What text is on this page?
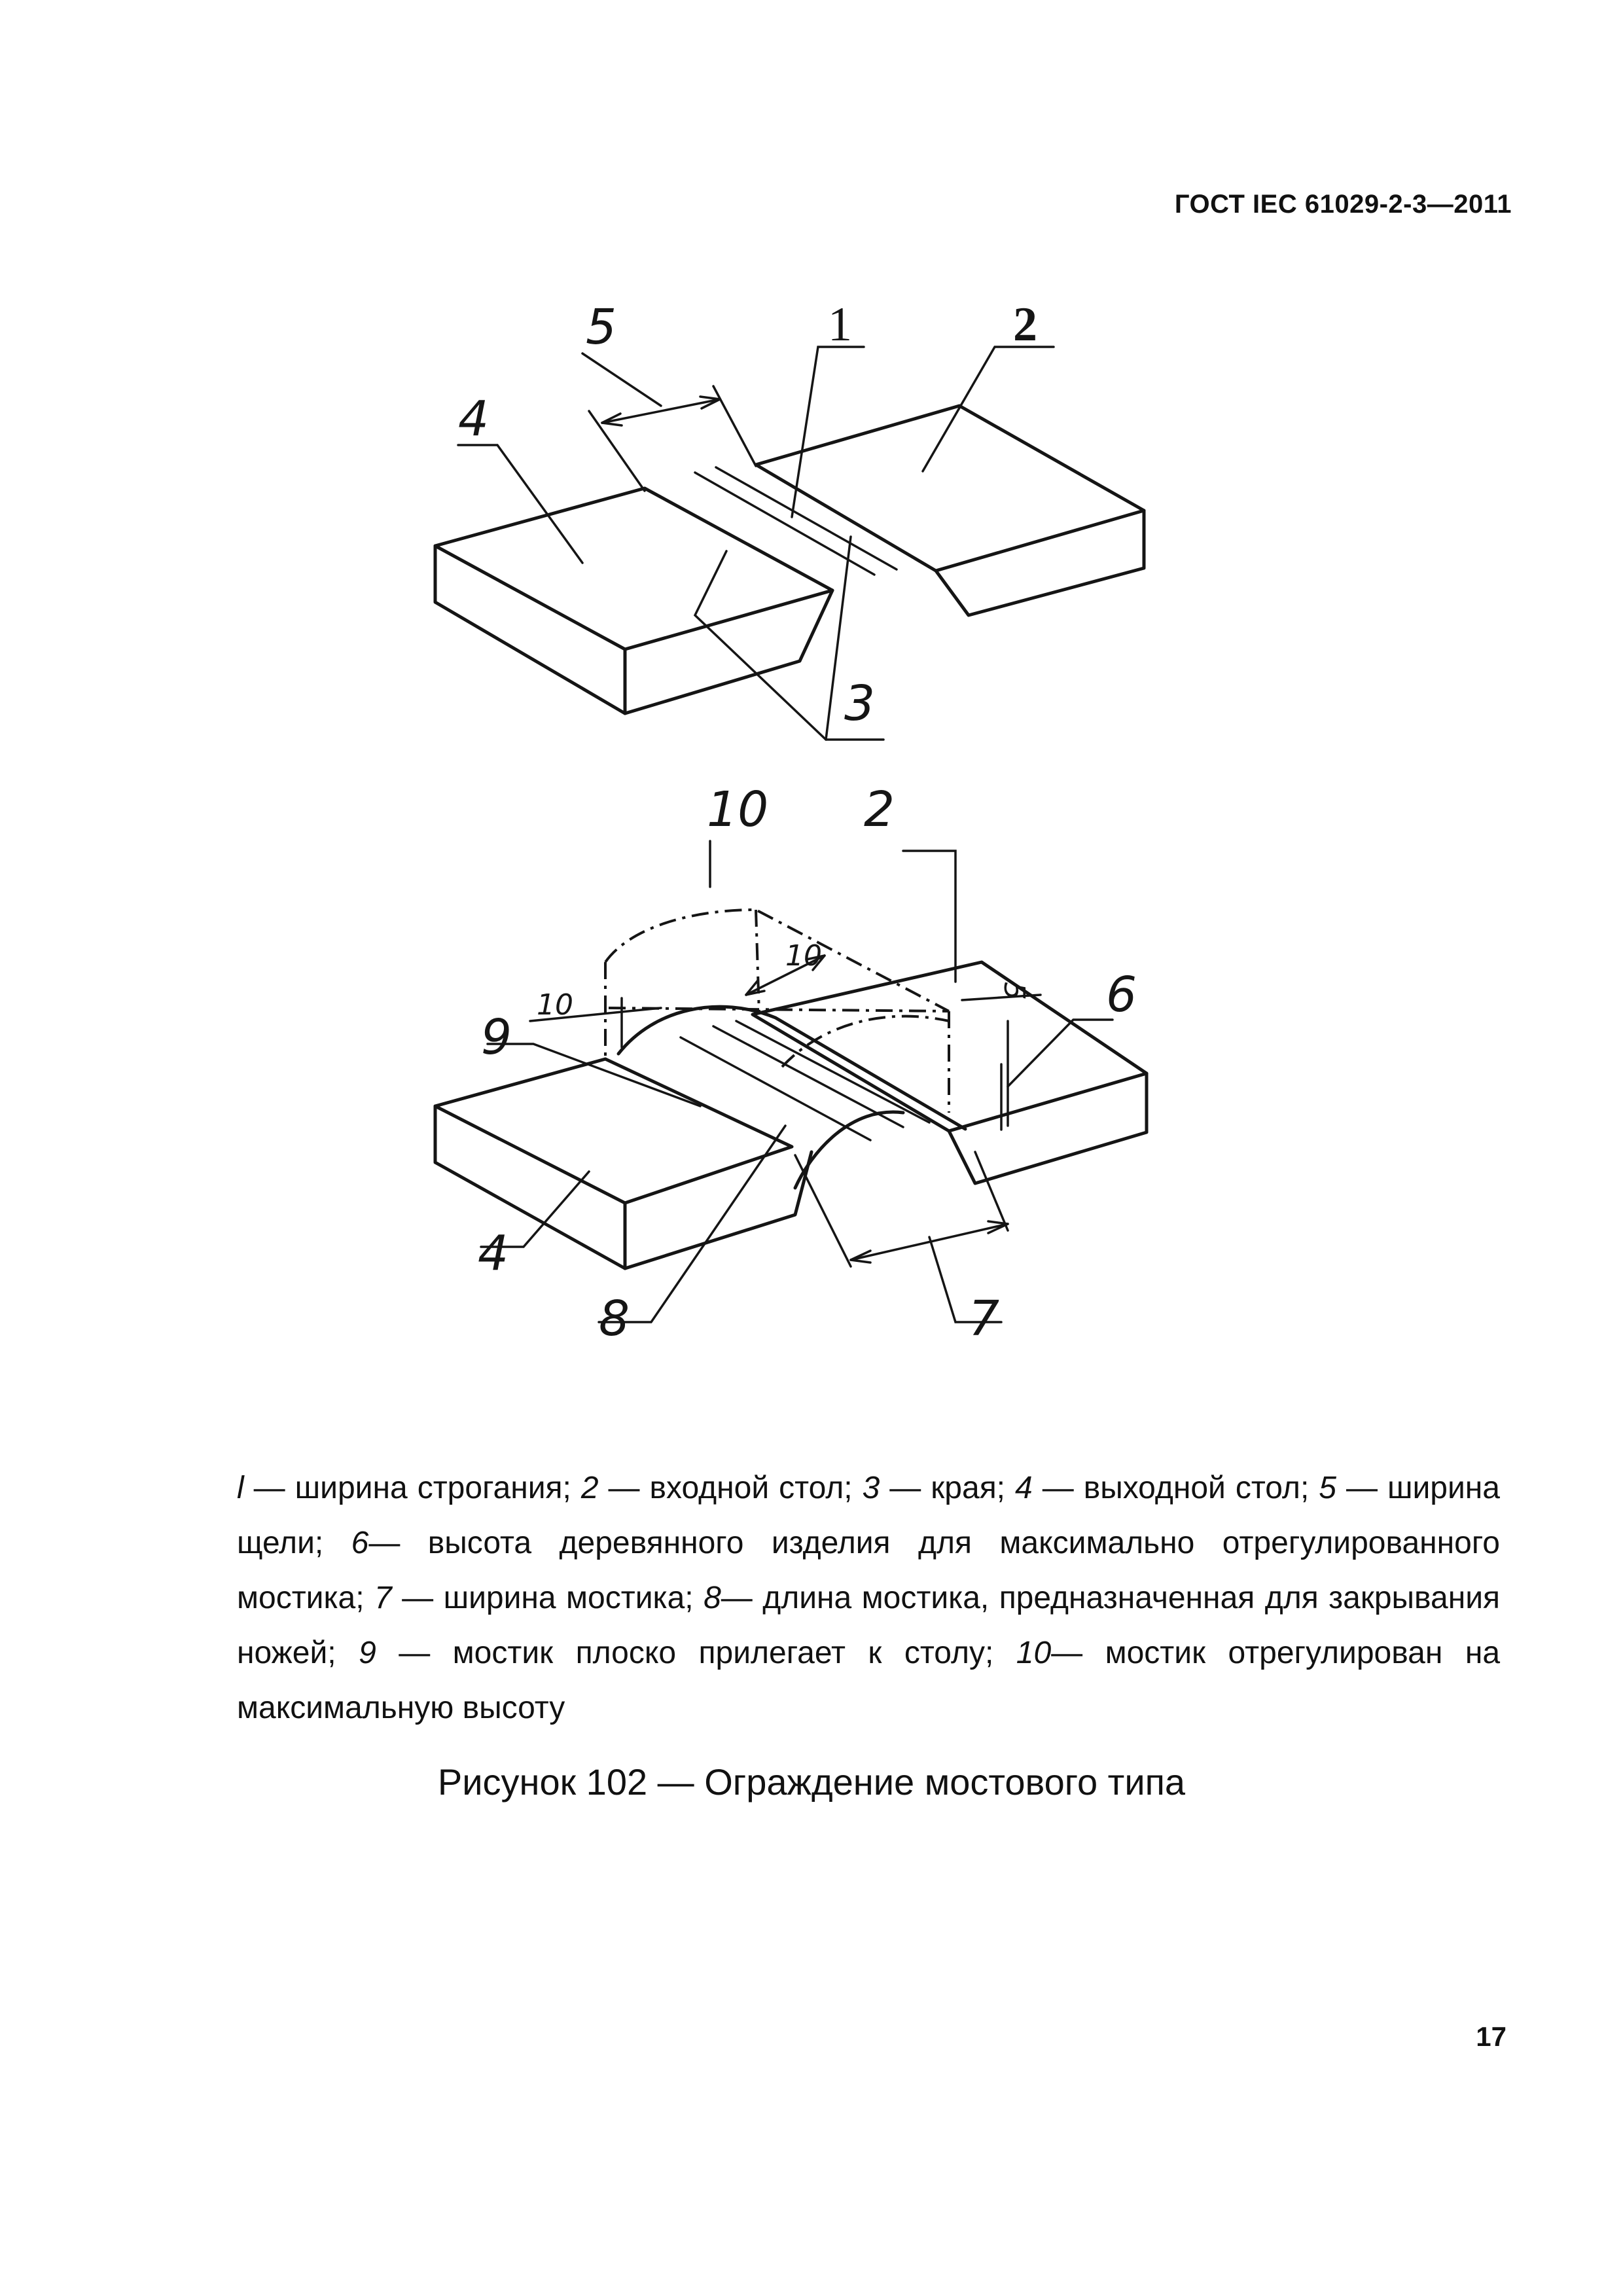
ГОСТ IEC 61029-2-3—2011
5	1	2
4
3
10 2
6
9
4
8	7
10
10	5
l — ширина строгания; 2 — входной стол; 3 — края; 4 — выходной стол; 5 — ширина щели; 6— высота деревянного изделия для максимально отрегулированного мостика; 7 — ширина мостика; 8— длина мостика, предназначенная для закрывания ножей; 9 — мостик плоско прилегает к столу; 10— мостик отрегулирован на максимальную высоту
Рисунок 102 — Ограждение мостового типа
17
